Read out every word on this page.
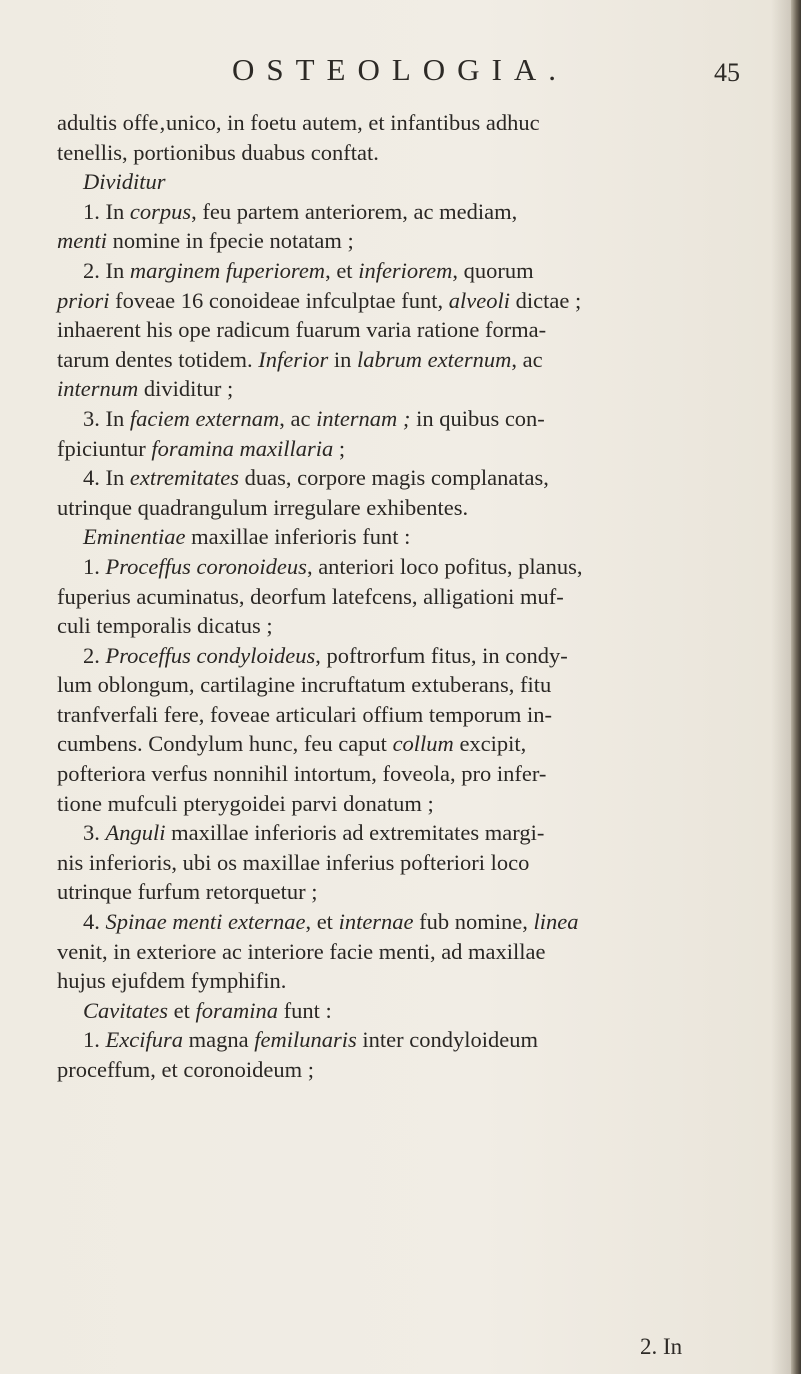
OSTEOLOGIA.	45
adultis offe‚unico, in foetu autem, et infantibus adhuc
tenellis, portionibus duabus conftat.
Dividitur
1. In corpus, feu partem anteriorem, ac mediam,
menti nomine in fpecie notatam ;
2. In marginem fuperiorem, et inferiorem, quorum
priori foveae 16 conoideae infculptae funt, alveoli dictae ;
inhaerent his ope radicum fuarum varia ratione forma-
tarum dentes totidem. Inferior in labrum externum, ac
internum dividitur ;
3. In faciem externam, ac internam ; in quibus con-
fpiciuntur foramina maxillaria ;
4. In extremitates duas, corpore magis complanatas,
utrinque quadrangulum irregulare exhibentes.
Eminentiae maxillae inferioris funt :
1. Proceffus coronoideus, anteriori loco pofitus, planus,
fuperius acuminatus, deorfum latefcens, alligationi muf-
culi temporalis dicatus ;
2. Proceffus condyloideus, poftrorfum fitus, in condy-
lum oblongum, cartilagine incruftatum extuberans, fitu
tranfverfali fere, foveae articulari offium temporum in-
cumbens. Condylum hunc, feu caput collum excipit,
pofteriora verfus nonnihil intortum, foveola, pro infer-
tione mufculi pterygoidei parvi donatum ;
3. Anguli maxillae inferioris ad extremitates margi-
nis inferioris, ubi os maxillae inferius pofteriori loco
utrinque furfum retorquetur ;
4. Spinae menti externae, et internae fub nomine, linea
venit, in exteriore ac interiore facie menti, ad maxillae
hujus ejufdem fymphifin.
Cavitates et foramina funt :
1. Excifura magna femilunaris inter condyloideum
proceffum, et coronoideum ;
2. In
